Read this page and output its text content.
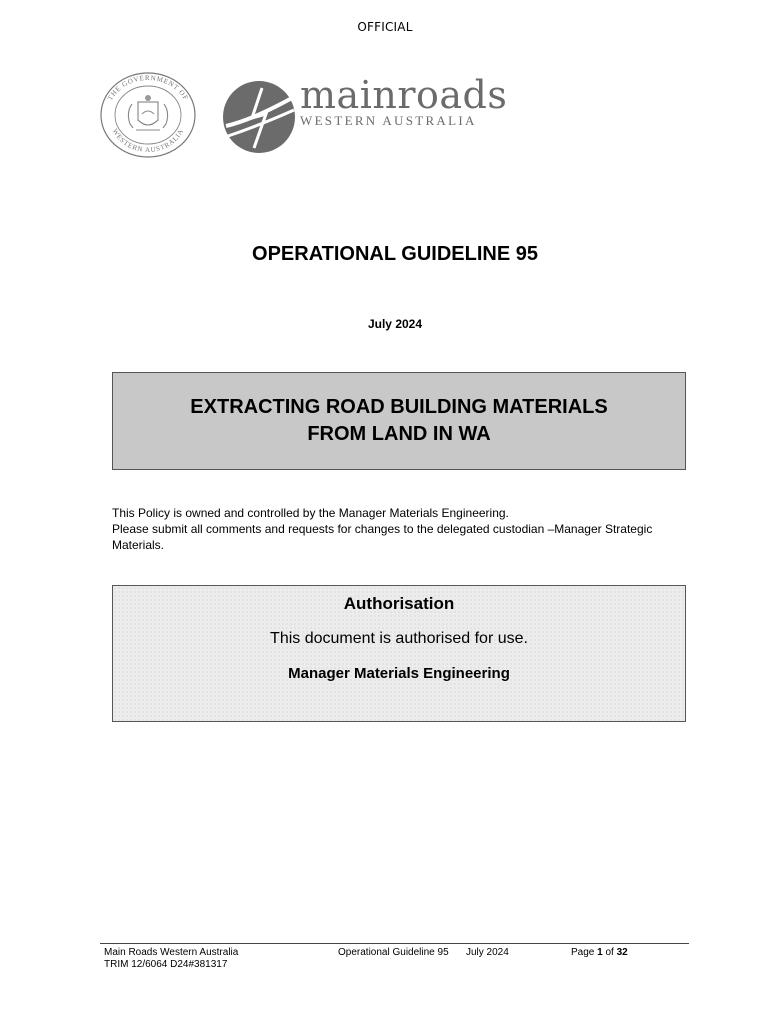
OFFICIAL
THE GOVERNMENT OF
WESTERN AUSTRALIA
mainroads
WESTERN AUSTRALIA
OPERATIONAL GUIDELINE 95
July 2024
EXTRACTING ROAD BUILDING MATERIALS
FROM LAND IN WA

This Policy is owned and controlled by the Manager Materials Engineering.

Please submit all comments and requests for changes to the delegated custodian –Manager Strategic Materials.

Authorisation
This document is authorised for use.
Manager Materials Engineering
Main Roads Western Australia
TRIM 12/6064 D24#381317
Operational Guideline 95 July 2024	Page 1 of 32
